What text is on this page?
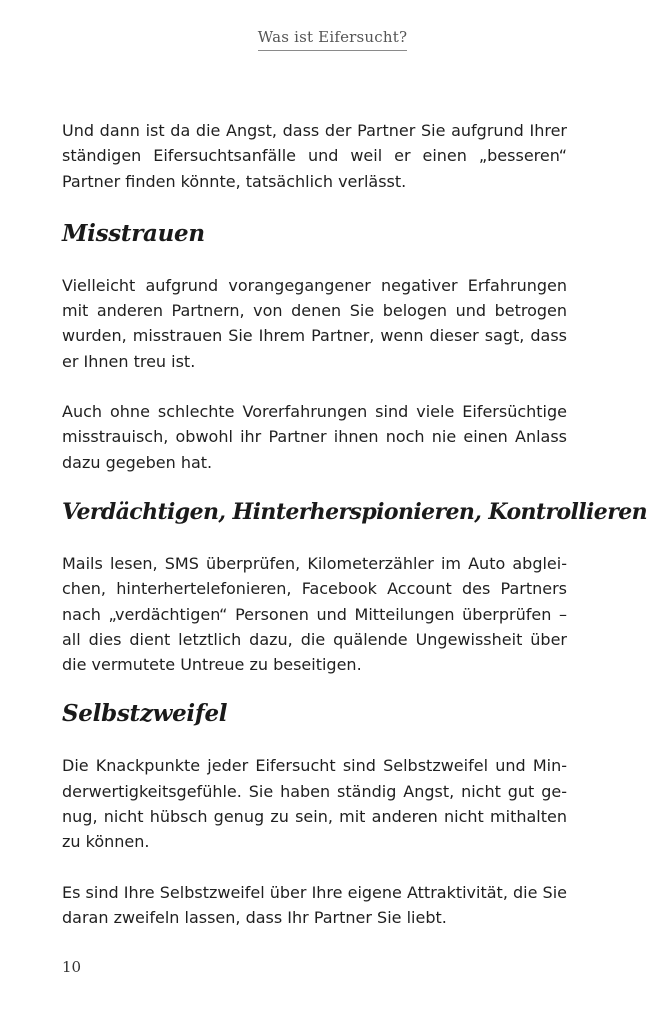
Was ist Eifersucht?

Und dann ist da die Angst, dass der Partner Sie aufgrund Ihrer ständigen Eifersuchtsanfälle und weil er einen „besseren“ Partner finden könnte, tatsächlich verlässt.

Misstrauen

Vielleicht aufgrund vorangegangener negativer Erfahrungen mit anderen Partnern, von denen Sie belogen und betrogen wurden, misstrauen Sie Ihrem Partner, wenn dieser sagt, dass er Ihnen treu ist.

Auch ohne schlechte Vorerfahrungen sind viele Eifersüchtige misstrauisch, obwohl ihr Partner ihnen noch nie einen Anlass dazu gegeben hat.

Verdächtigen, Hinterherspionieren, Kontrollieren

Mails lesen, SMS überprüfen, Kilometerzähler im Auto abgleichen, hinterhertelefonieren, Facebook Account des Partners nach „verdächtigen“ Personen und Mitteilungen überprüfen – all dies dient letztlich dazu, die quälende Ungewissheit über die vermutete Untreue zu beseitigen.

Selbstzweifel

Die Knackpunkte jeder Eifersucht sind Selbstzweifel und Minderwertigkeitsgefühle. Sie haben ständig Angst, nicht gut genug, nicht hübsch genug zu sein, mit anderen nicht mithalten zu können.

Es sind Ihre Selbstzweifel über Ihre eigene Attraktivität, die Sie daran zweifeln lassen, dass Ihr Partner Sie liebt.

10
